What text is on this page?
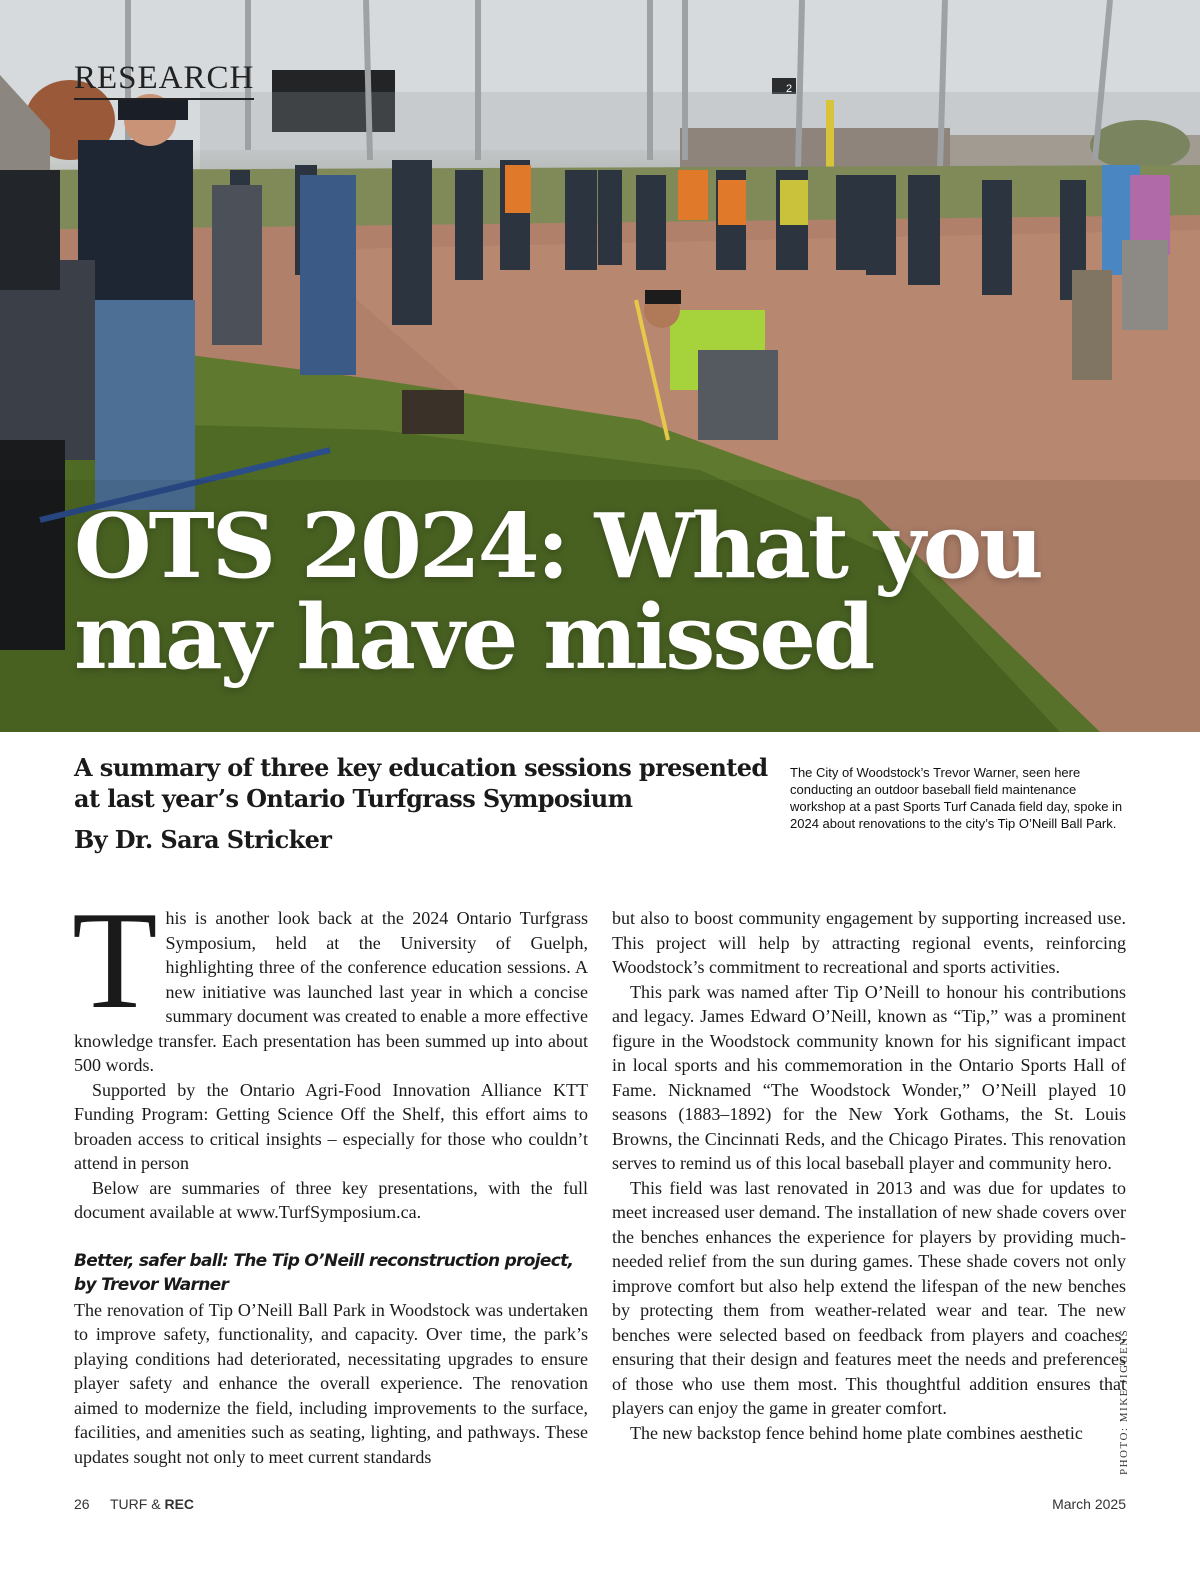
2

RESEARCH

OTS 2024: What you
may have missed
A summary of three key education sessions presented at last year’s Ontario Turfgrass Symposium

By Dr. Sara Stricker

The City of Woodstock’s Trevor Warner, seen here conducting an outdoor baseball field maintenance workshop at a past Sports Turf Canada field day, spoke in 2024 about renovations to the city’s Tip O’Neill Ball Park.

This is another look back at the 2024 Ontario Turfgrass Symposium, held at the University of Guelph, highlighting three of the conference education sessions. A new initiative was launched last year in which a concise summary document was created to enable a more effective knowledge transfer. Each presentation has been summed up into about 500 words.

Supported by the Ontario Agri-Food Innovation Alliance KTT Funding Program: Getting Science Off the Shelf, this effort aims to broaden access to critical insights – especially for those who couldn’t attend in person

Below are summaries of three key presentations, with the full document available at www.TurfSymposium.ca.

Better, safer ball: The Tip O’Neill reconstruction project, by Trevor Warner

The renovation of Tip O’Neill Ball Park in Woodstock was undertaken to improve safety, functionality, and capacity. Over time, the park’s playing conditions had deteriorated, necessitating upgrades to ensure player safety and enhance the overall experience. The renovation aimed to modernize the field, including improvements to the surface, facilities, and amenities such as seating, lighting, and pathways. These updates sought not only to meet current standards

but also to boost community engagement by supporting increased use. This project will help by attracting regional events, reinforcing Woodstock’s commitment to recreational and sports activities.

This park was named after Tip O’Neill to honour his contributions and legacy. James Edward O’Neill, known as “Tip,” was a prominent figure in the Woodstock community known for his significant impact in local sports and his commemoration in the Ontario Sports Hall of Fame. Nicknamed “The Woodstock Wonder,” O’Neill played 10 seasons (1883–1892) for the New York Gothams, the St. Louis Browns, the Cincinnati Reds, and the Chicago Pirates. This renovation serves to remind us of this local baseball player and community hero.

This field was last renovated in 2013 and was due for updates to meet increased user demand. The installation of new shade covers over the benches enhances the experience for players by providing much-needed relief from the sun during games. These shade covers not only improve comfort but also help extend the lifespan of the new benches by protecting them from weather-related wear and tear. The new benches were selected based on feedback from players and coaches, ensuring that their design and features meet the needs and preferences of those who use them most. This thoughtful addition ensures that players can enjoy the game in greater comfort.

The new backstop fence behind home plate combines aesthetic	PHOTO: MIKE JIGGENS

26 TURF & REC	March 2025
